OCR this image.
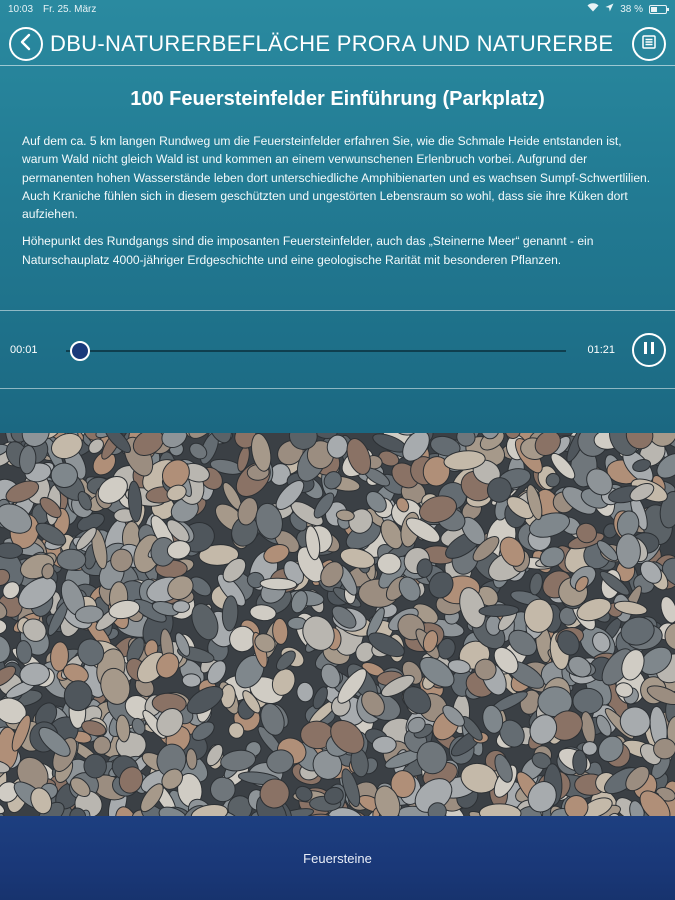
10:03 Fr. 25. März	38 %
DBU-NATURERBEFLÄCHE PRORA UND NATURERBE
100 Feuersteinfelder Einführung (Parkplatz)

Auf dem ca. 5 km langen Rundweg um die Feuersteinfelder erfahren Sie, wie die Schmale Heide entstanden ist, warum Wald nicht gleich Wald ist und kommen an einem verwunschenen Erlenbruch vorbei. Aufgrund der permanenten hohen Wasserstände leben dort unterschiedliche Amphibienarten und es wachsen Sumpf-Schwertlilien. Auch Kraniche fühlen sich in diesem geschützten und ungestörten Lebensraum so wohl, dass sie ihre Küken dort aufziehen.

Höhepunkt des Rundgangs sind die imposanten Feuersteinfelder, auch das „Steinerne Meer“ genannt - ein Naturschauplatz 4000-jähriger Erdgeschichte und eine geologische Rarität mit besonderen Pflanzen.

00:01	01:21
Feuersteine
